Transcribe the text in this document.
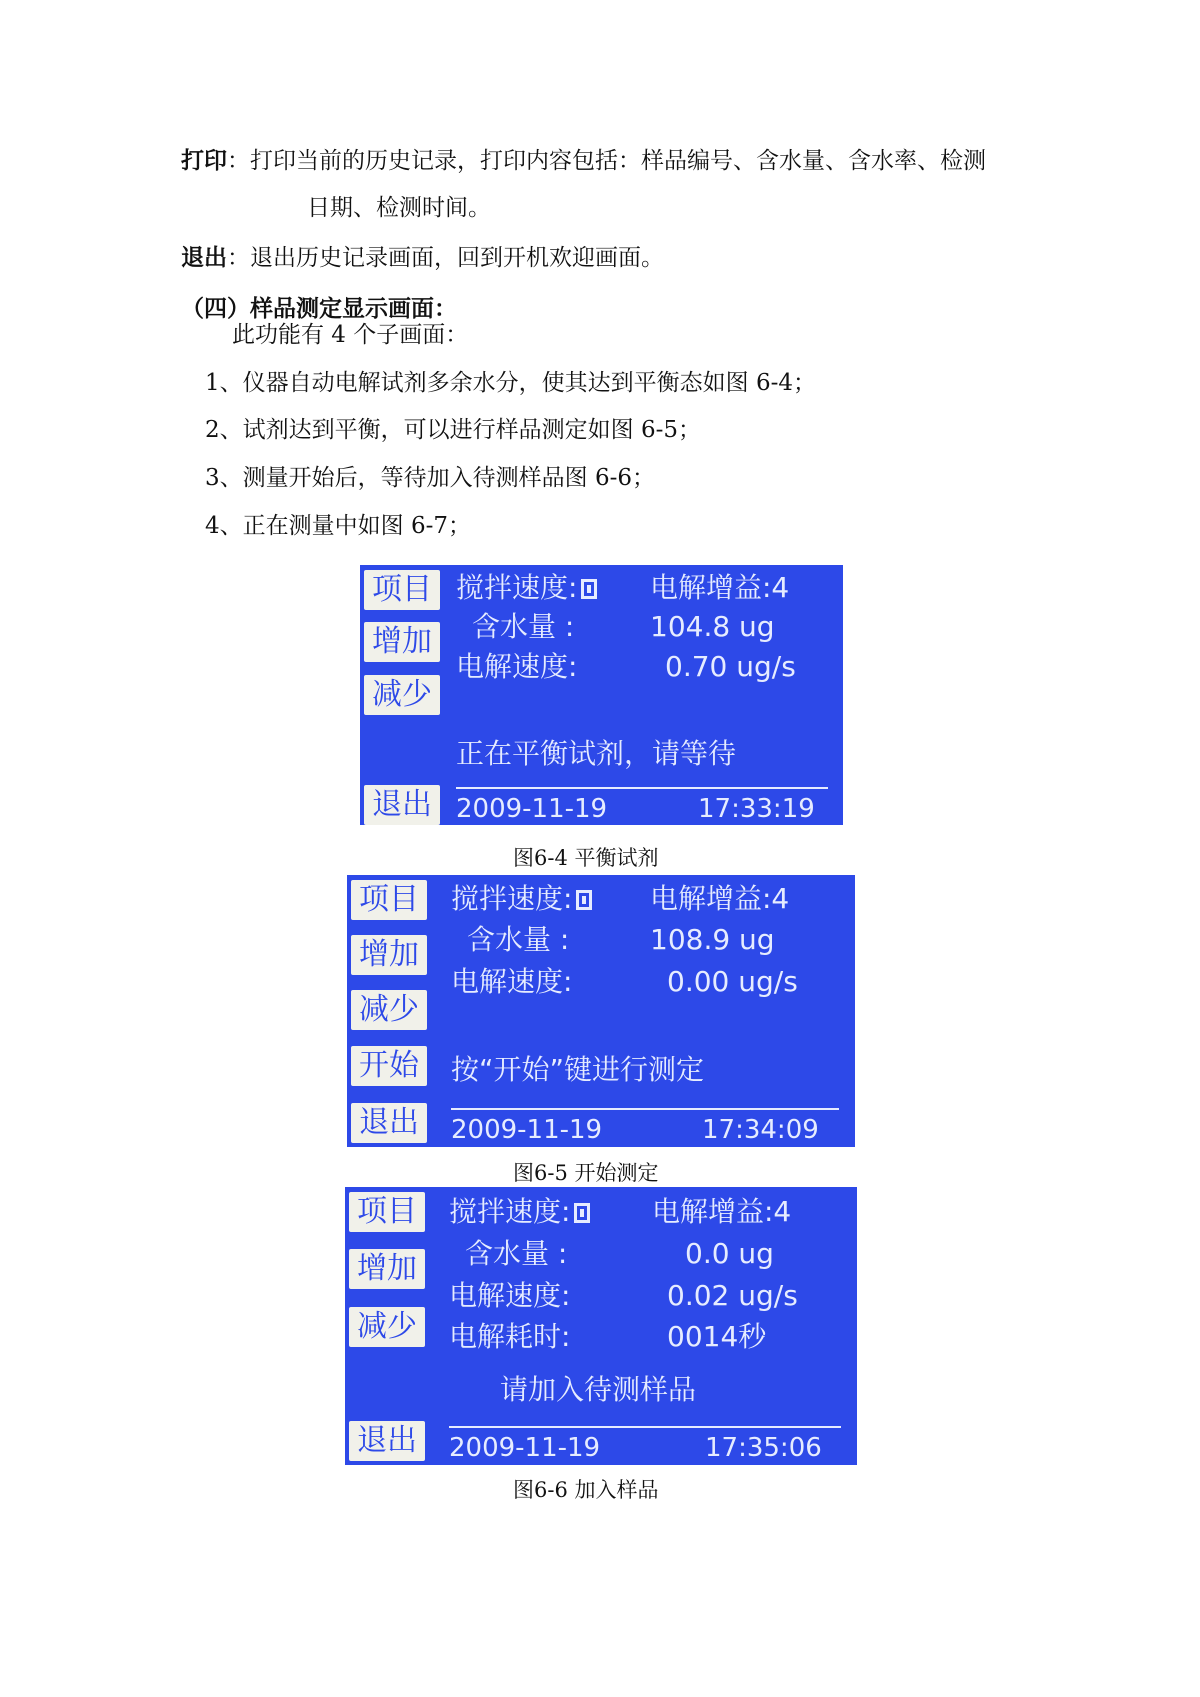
打印：打印当前的历史记录，打印内容包括：样品编号、含水量、含水率、检测
日期、检测时间。
退出：退出历史记录画面，回到开机欢迎画面。
（四）样品测定显示画面：
此功能有 4 个子画面：
1、仪器自动电解试剂多余水分，使其达到平衡态如图 6-4；
2、试剂达到平衡，可以进行样品测定如图 6-5；
3、测量开始后，等待加入待测样品图 6-6；
4、正在测量中如图 6-7；
项目
增加
减少
退出
搅拌速度:	电解增益:4
含水量 :	104.8 ug
电解速度:	0.70 ug/s
正在平衡试剂，请等待
2009-11-19	17:33:19
图6-4 平衡试剂
项目
增加
减少
开始
退出
搅拌速度:	电解增益:4
含水量 :	108.9 ug
电解速度:	0.00 ug/s
按“开始”键进行测定
2009-11-19	17:34:09
图6-5 开始测定
项目
增加
减少
退出
搅拌速度:	电解增益:4
含水量 :	0.0 ug
电解速度:	0.02 ug/s
电解耗时:	0014秒
请加入待测样品
2009-11-19	17:35:06
图6-6 加入样品
